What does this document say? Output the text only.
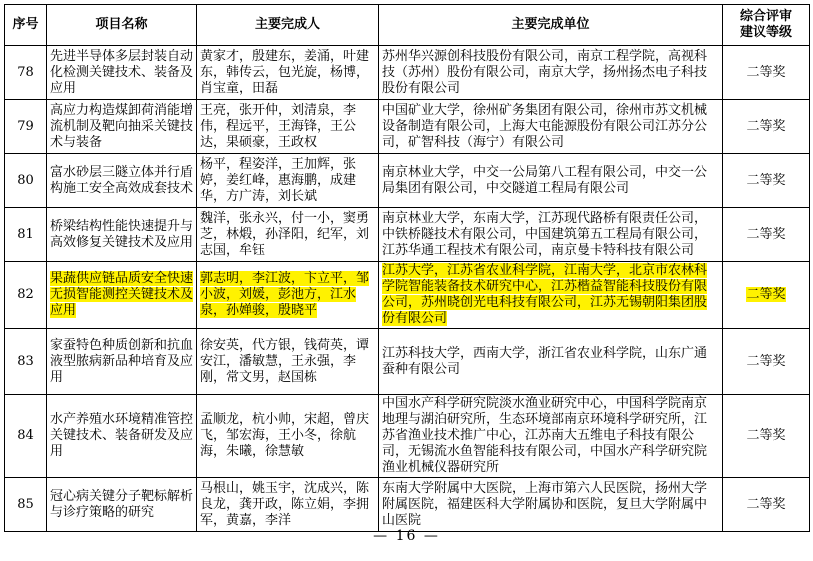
序号	项目名称	主要完成人	主要完成单位	综合评审
建议等级

78	先进半导体多层封装自动化检测关键技术、装备及应用	黄家才，殷建东，姜涌，叶建东，韩传云，包光旋，杨博，肖宝童，田磊	苏州华兴源创科技股份有限公司，南京工程学院，高视科技（苏州）股份有限公司，南京大学，扬州扬杰电子科技股份有限公司	二等奖
79	高应力构造煤卸荷消能增流机制及靶向抽采关键技术与装备	王亮，张开仲，刘清泉，李伟，程远平，王海锋，王公达，果硕豪，王政权	中国矿业大学，徐州矿务集团有限公司，徐州市苏文机械设备制造有限公司，上海大屯能源股份有限公司江苏分公司，矿智科技（海宁）有限公司	二等奖
80	富水砂层三隧立体并行盾构施工安全高效成套技术	杨平，程姿洋，王加辉，张婷，姜红峰，惠海鹏，成建华，方广涛，刘长斌	南京林业大学，中交一公局第八工程有限公司，中交一公局集团有限公司，中交隧道工程局有限公司	二等奖
81	桥梁结构性能快速提升与高效修复关键技术及应用	魏洋，张永兴，付一小，窦勇芝，林煅，孙泽阳，纪军，刘志国，牟钰	南京林业大学，东南大学，江苏现代路桥有限责任公司，中铁桥隧技术有限公司，中国建筑第五工程局有限公司，江苏华通工程技术有限公司，南京曼卡特科技有限公司	二等奖
82	果蔬供应链品质安全快速无损智能测控关键技术及应用	郭志明，李江波，卞立平，邹小波，刘媛，彭池方，江水泉，孙婵骏，殷晓平	江苏大学，江苏省农业科学院，江南大学，北京市农林科学院智能装备技术研究中心，江苏楷益智能科技股份有限公司，苏州晓创光电科技有限公司，江苏无锡朝阳集团股份有限公司	二等奖
83	家蚕特色种质创新和抗血液型脓病新品种培育及应用	徐安英，代方银，钱荷英，谭安江，潘敏慧，王永强，李刚，常文男，赵国栋	江苏科技大学，西南大学，浙江省农业科学院，山东广通蚕种有限公司	二等奖
84	水产养殖水环境精准管控关键技术、装备研发及应用	孟顺龙，杭小帅，宋超，曾庆飞，邹宏海，王小冬，徐航海，朱曦，徐慧敏	中国水产科学研究院淡水渔业研究中心，中国科学院南京地理与湖泊研究所，生态环境部南京环境科学研究所，江苏省渔业技术推广中心，江苏南大五维电子科技有限公司，无锡流水鱼智能科技有限公司，中国水产科学研究院渔业机械仪器研究所	二等奖
85	冠心病关键分子靶标解析与诊疗策略的研究	马根山，姚玉宇，沈成兴，陈良龙，龚开政，陈立娟，李拥军，黄嘉，李洋	东南大学附属中大医院，上海市第六人民医院，扬州大学附属医院，福建医科大学附属协和医院，复旦大学附属中山医院	二等奖
— 16 —
